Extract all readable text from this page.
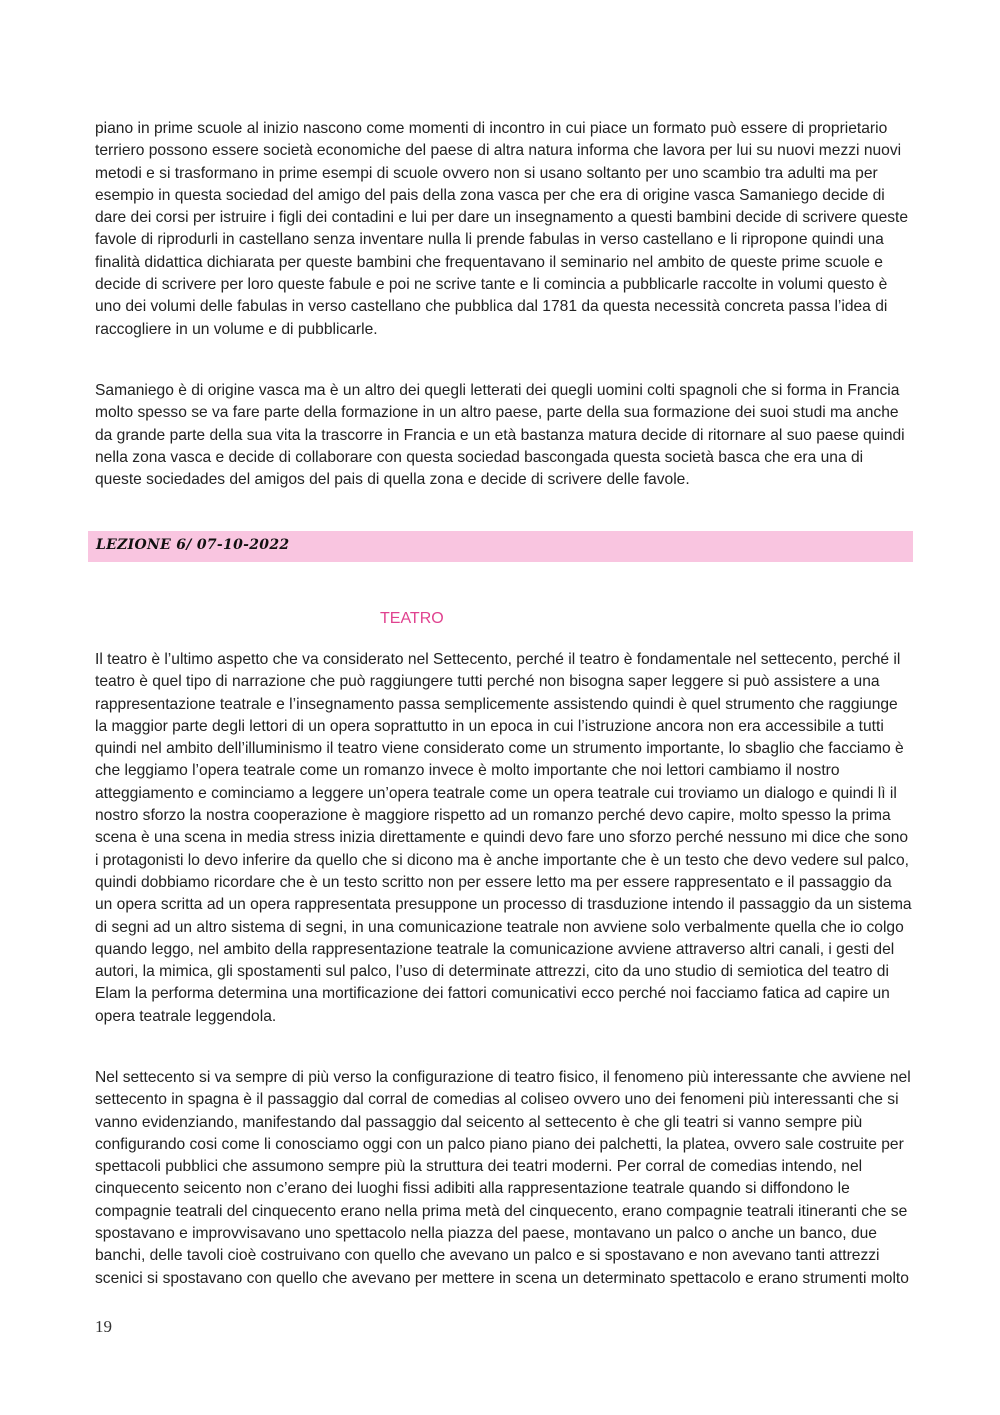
piano in prime scuole al inizio nascono come momenti di incontro in cui piace un formato può essere di proprietario terriero possono essere società economiche del paese di altra natura informa che lavora per lui su nuovi mezzi nuovi metodi e si trasformano in prime esempi di scuole ovvero non si usano soltanto per uno scambio tra adulti ma per esempio in questa sociedad del amigo del pais della zona vasca per che era di origine vasca Samaniego decide di dare dei corsi per istruire i figli dei contadini e lui per dare un insegnamento a questi bambini decide di scrivere queste favole di riprodurli in castellano senza inventare nulla li prende fabulas in verso castellano e li ripropone quindi una finalità didattica dichiarata per queste bambini che frequentavano il seminario nel ambito de queste prime scuole e decide di scrivere per loro queste fabule e poi ne scrive tante e li comincia a pubblicarle raccolte in volumi questo è uno dei volumi delle fabulas in verso castellano che pubblica dal 1781 da questa necessità concreta passa l’idea di raccogliere in un volume e di pubblicarle.

Samaniego è di origine vasca ma è un altro dei quegli letterati dei quegli uomini colti spagnoli che si forma in Francia molto spesso se va fare parte della formazione in un altro paese, parte della sua formazione dei suoi studi ma anche da grande parte della sua vita la trascorre in Francia e un età bastanza matura decide di ritornare al suo paese quindi nella zona vasca e decide di collaborare con questa sociedad bascongada questa società basca che era una di queste sociedades del amigos del pais di quella zona e decide di scrivere delle favole.

LEZIONE 6/ 07-10-2022
TEATRO

Il teatro è l’ultimo aspetto che va considerato nel Settecento, perché il teatro è fondamentale nel settecento, perché il teatro è quel tipo di narrazione che può raggiungere tutti perché non bisogna saper leggere si può assistere a una rappresentazione teatrale e l’insegnamento passa semplicemente assistendo quindi è quel strumento che raggiunge la maggior parte degli lettori di un opera soprattutto in un epoca in cui l’istruzione ancora non era accessibile a tutti quindi nel ambito dell’illuminismo il teatro viene considerato come un strumento importante, lo sbaglio che facciamo è che leggiamo l’opera teatrale come un romanzo invece è molto importante che noi lettori cambiamo il nostro atteggiamento e cominciamo a leggere un’opera teatrale come un opera teatrale cui troviamo un dialogo e quindi lì il nostro sforzo la nostra cooperazione è maggiore rispetto ad un romanzo perché devo capire, molto spesso la prima scena è una scena in media stress inizia direttamente e quindi devo fare uno sforzo perché nessuno mi dice che sono i protagonisti lo devo inferire da quello che si dicono ma è anche importante che è un testo che devo vedere sul palco, quindi dobbiamo ricordare che è un testo scritto non per essere letto ma per essere rappresentato e il passaggio da un opera scritta ad un opera rappresentata presuppone un processo di trasduzione intendo il passaggio da un sistema di segni ad un altro sistema di segni, in una comunicazione teatrale non avviene solo verbalmente quella che io colgo quando leggo, nel ambito della rappresentazione teatrale la comunicazione avviene attraverso altri canali, i gesti del autori, la mimica, gli spostamenti sul palco, l’uso di determinate attrezzi, cito da uno studio di semiotica del teatro di Elam la performa determina una mortificazione dei fattori comunicativi ecco perché noi facciamo fatica ad capire un opera teatrale leggendola.

Nel settecento si va sempre di più verso la configurazione di teatro fisico, il fenomeno più interessante che avviene nel settecento in spagna è il passaggio dal corral de comedias al coliseo ovvero uno dei fenomeni più interessanti che si vanno evidenziando, manifestando dal passaggio dal seicento al settecento è che gli teatri si vanno sempre più configurando cosi come li conosciamo oggi con un palco piano piano dei palchetti, la platea, ovvero sale costruite per spettacoli pubblici che assumono sempre più la struttura dei teatri moderni. Per corral de comedias intendo, nel cinquecento seicento non c’erano dei luoghi fissi adibiti alla rappresentazione teatrale quando si diffondono le compagnie teatrali del cinquecento erano nella prima metà del cinquecento, erano compagnie teatrali itineranti che se spostavano e improvvisavano uno spettacolo nella piazza del paese, montavano un palco o anche un banco, due banchi, delle tavoli cioè costruivano con quello che avevano un palco e si spostavano e non avevano tanti attrezzi scenici si spostavano con quello che avevano per mettere in scena un determinato spettacolo e erano strumenti molto

19
